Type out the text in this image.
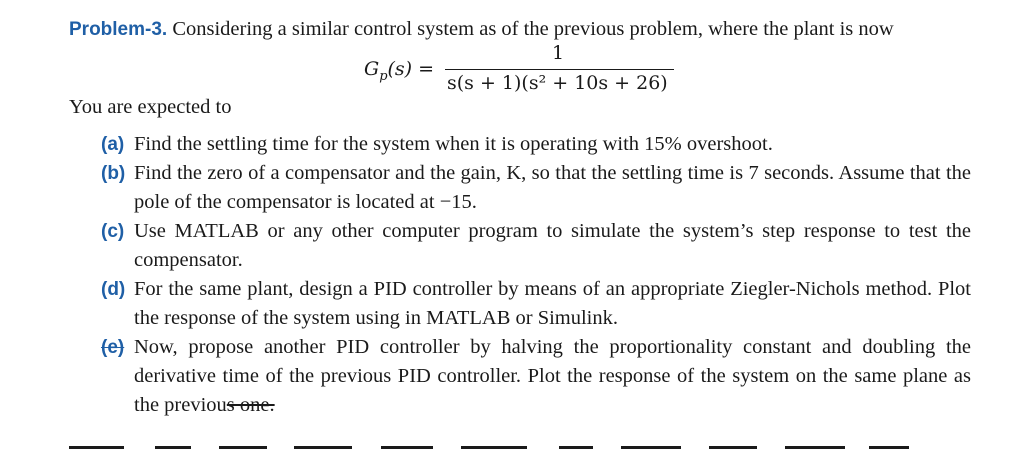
Problem-3. Considering a similar control system as of the previous problem, where the plant is now
$G_p(s)$ =
1
s(s + 1)(s² + 10s + 26)
You are expected to
(a) Find the settling time for the system when it is operating with 15% overshoot.
(b) Find the zero of a compensator and the gain, K, so that the settling time is 7 seconds. Assume that the pole of the compensator is located at −15.
(c) Use MATLAB or any other computer program to simulate the system’s step response to test the compensator.
(d) For the same plant, design a PID controller by means of an appropriate Ziegler-Nichols method. Plot the response of the system using in MATLAB or Simulink.
(e) Now, propose another PID controller by halving the proportionality constant and doubling the derivative time of the previous PID controller. Plot the response of the system on the same plane as the previous one.
